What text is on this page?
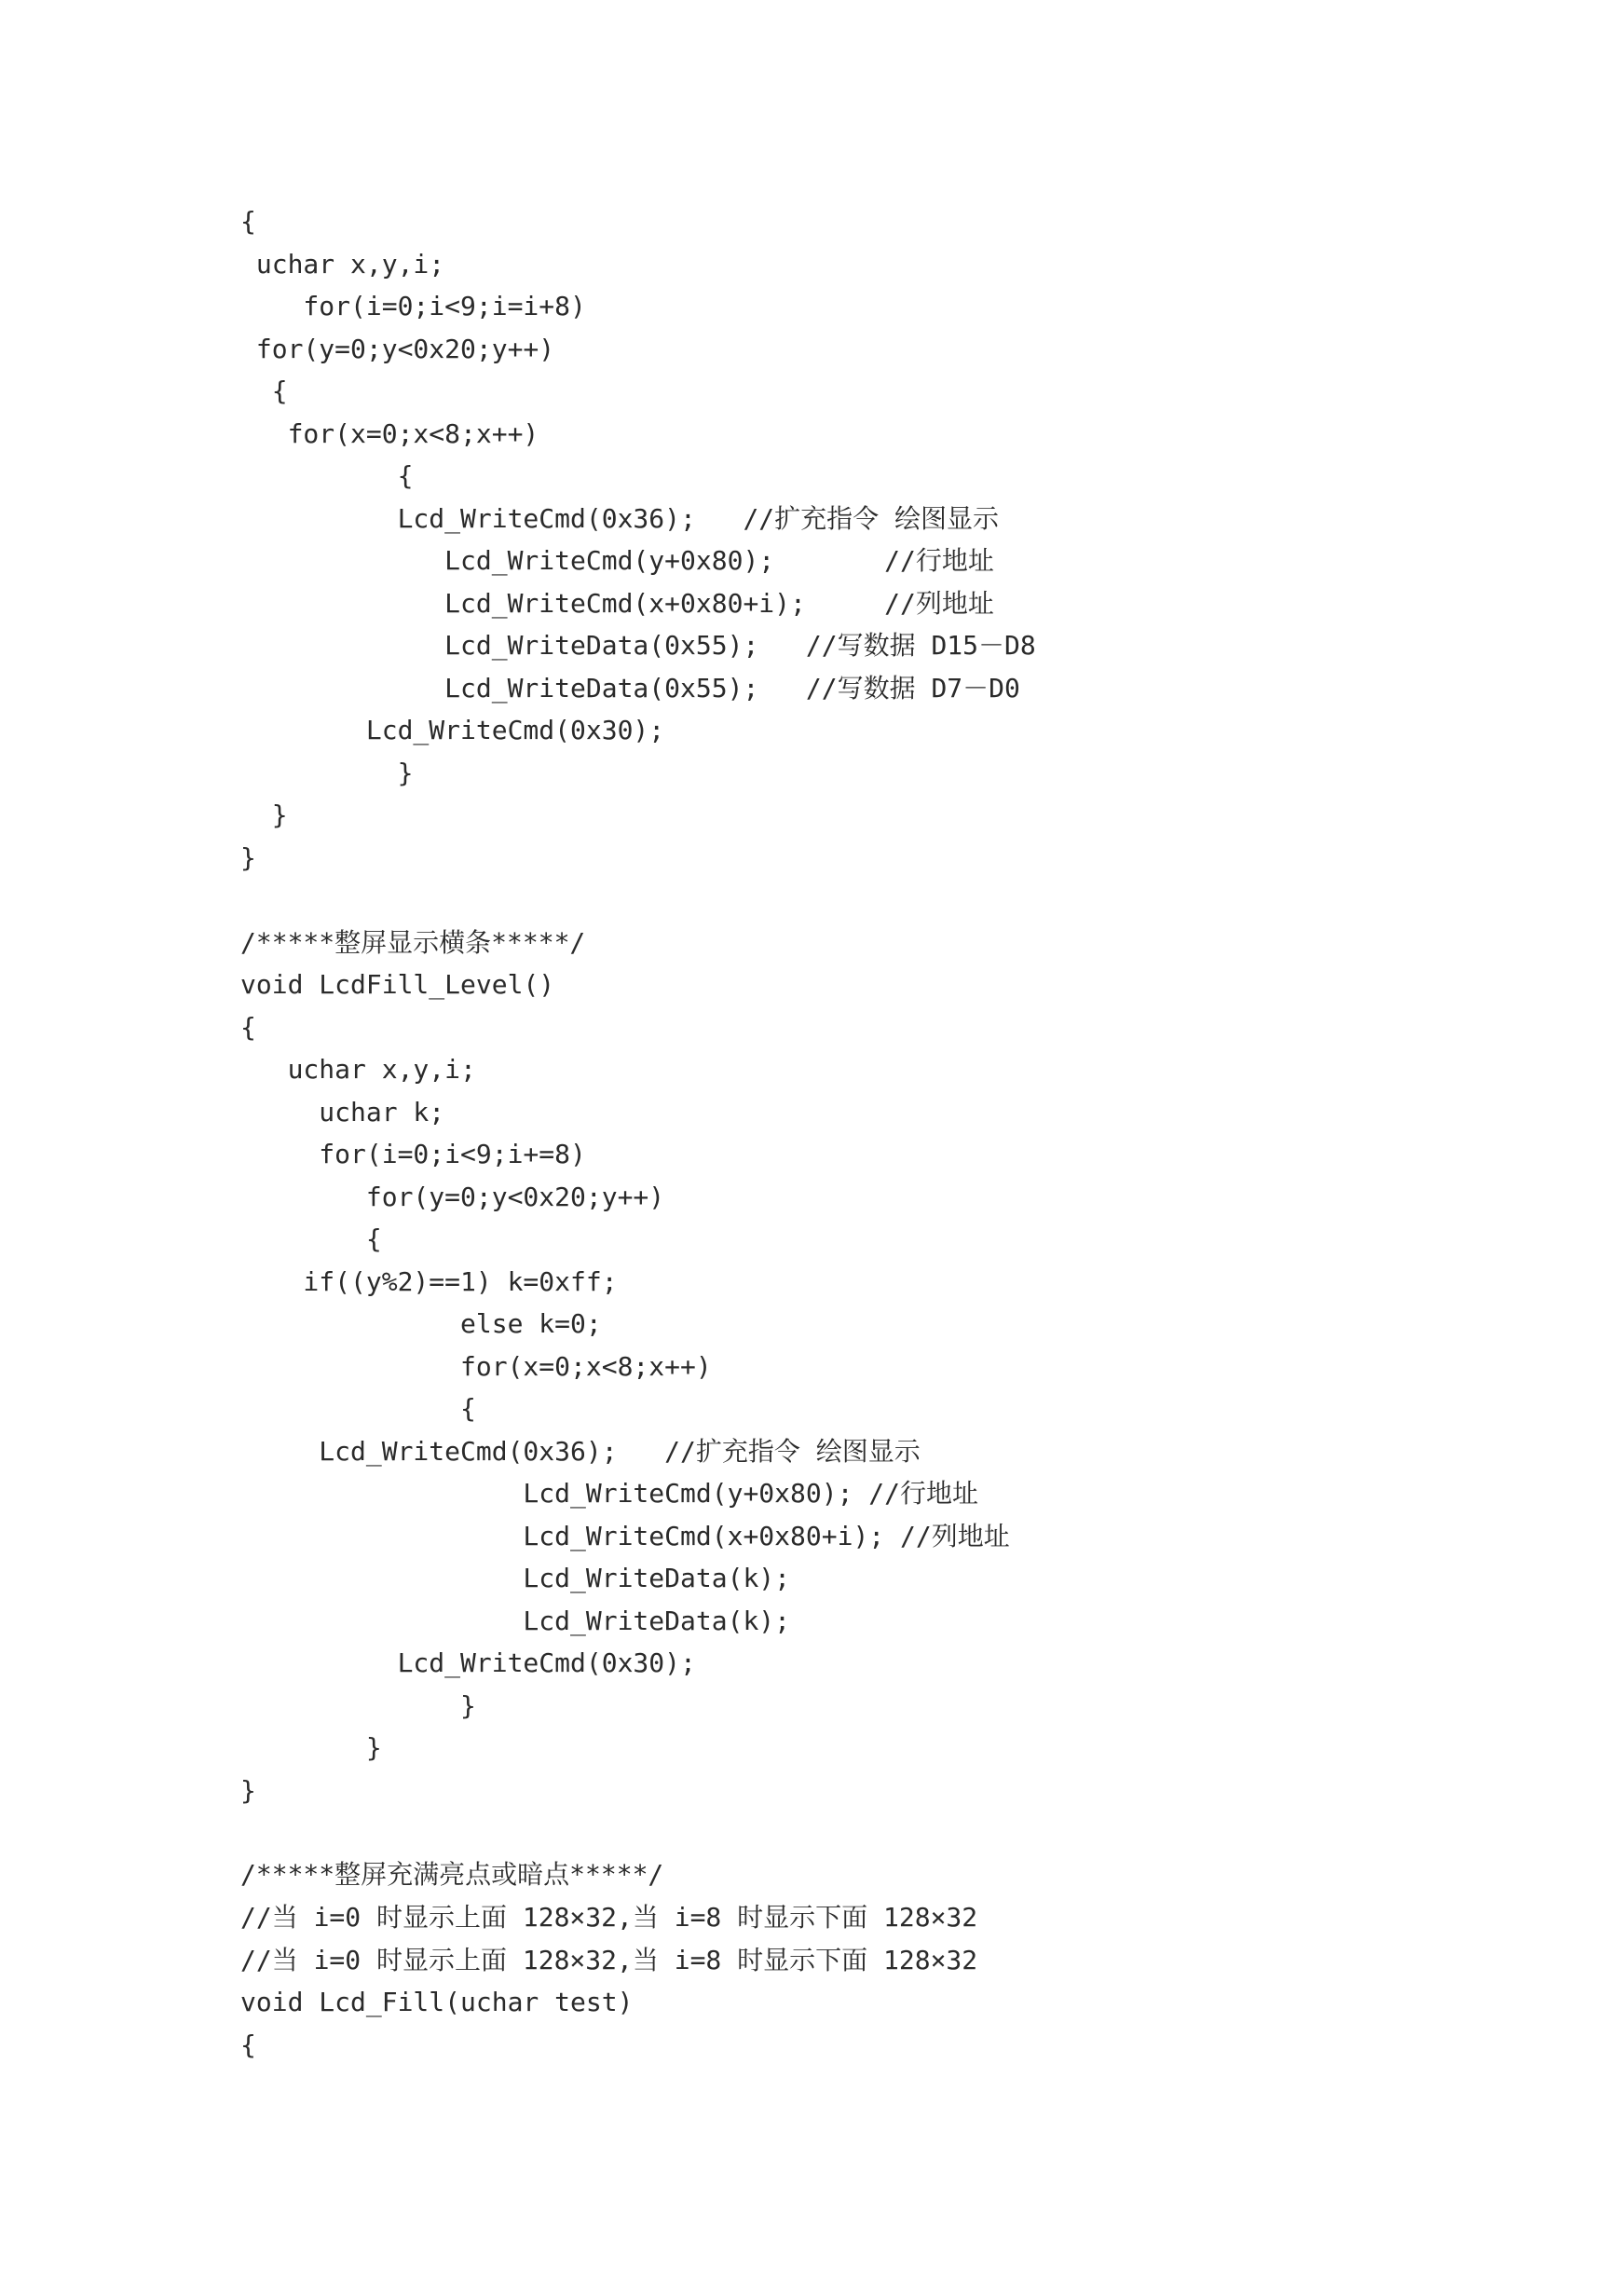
{
uchar x,y,i;
for(i=0;i<9;i=i+8)
for(y=0;y<0x20;y++)
{
for(x=0;x<8;x++)
{
Lcd_WriteCmd(0x36);   //扩充指令 绘图显示
Lcd_WriteCmd(y+0x80);       //行地址
Lcd_WriteCmd(x+0x80+i);     //列地址
Lcd_WriteData(0x55);   //写数据 D15－D8
Lcd_WriteData(0x55);   //写数据 D7－D0
Lcd_WriteCmd(0x30);
}
}
}
/*****整屏显示横条*****/
void LcdFill_Level()
{
uchar x,y,i;
uchar k;
for(i=0;i<9;i+=8)
for(y=0;y<0x20;y++)
{
if((y%2)==1) k=0xff;
else k=0;
for(x=0;x<8;x++)
{
Lcd_WriteCmd(0x36);   //扩充指令 绘图显示
Lcd_WriteCmd(y+0x80); //行地址
Lcd_WriteCmd(x+0x80+i); //列地址
Lcd_WriteData(k);
Lcd_WriteData(k);
Lcd_WriteCmd(0x30);
}
}
}
/*****整屏充满亮点或暗点*****/
//当 i=0 时显示上面 128×32,当 i=8 时显示下面 128×32
//当 i=0 时显示上面 128×32,当 i=8 时显示下面 128×32
void Lcd_Fill(uchar test)
{
